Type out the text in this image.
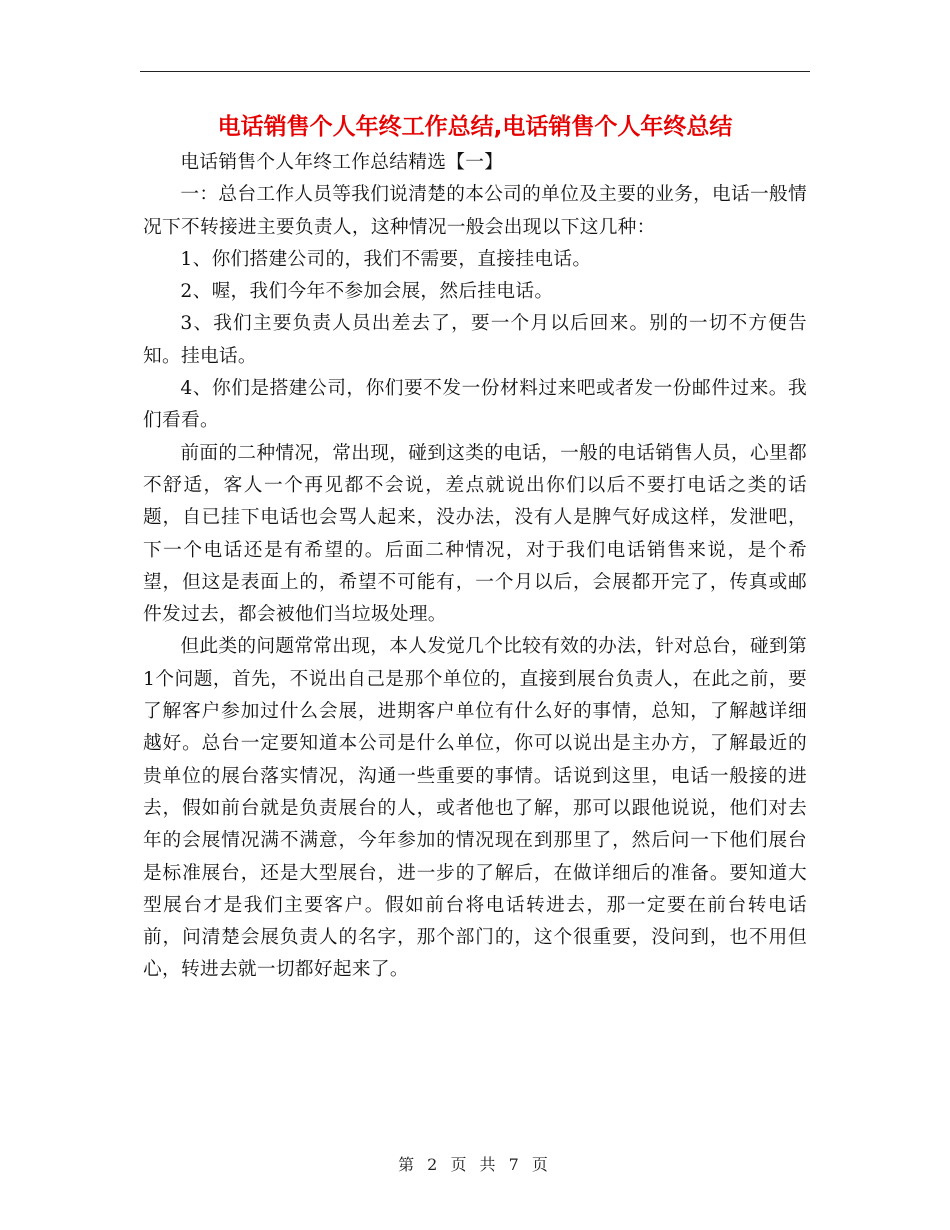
电话销售个人年终工作总结,电话销售个人年终总结

电话销售个人年终工作总结精选【一】

一：总台工作人员等我们说清楚的本公司的单位及主要的业务，电话一般情况下不转接进主要负责人，这种情况一般会出现以下这几种：

1、你们搭建公司的，我们不需要，直接挂电话。

2、喔，我们今年不参加会展，然后挂电话。

3、我们主要负责人员出差去了，要一个月以后回来。别的一切不方便告知。挂电话。

4、你们是搭建公司，你们要不发一份材料过来吧或者发一份邮件过来。我们看看。

前面的二种情况，常出现，碰到这类的电话，一般的电话销售人员，心里都不舒适，客人一个再见都不会说，差点就说出你们以后不要打电话之类的话题，自已挂下电话也会骂人起来，没办法，没有人是脾气好成这样，发泄吧，下一个电话还是有希望的。后面二种情况，对于我们电话销售来说，是个希望，但这是表面上的，希望不可能有，一个月以后，会展都开完了，传真或邮件发过去，都会被他们当垃圾处理。

但此类的问题常常出现，本人发觉几个比较有效的办法，针对总台，碰到第1个问题，首先，不说出自己是那个单位的，直接到展台负责人，在此之前，要了解客户参加过什么会展，进期客户单位有什么好的事情，总知，了解越详细越好。总台一定要知道本公司是什么单位，你可以说出是主办方，了解最近的贵单位的展台落实情况，沟通一些重要的事情。话说到这里，电话一般接的进去，假如前台就是负责展台的人，或者他也了解，那可以跟他说说，他们对去年的会展情况满不满意，今年参加的情况现在到那里了，然后问一下他们展台是标准展台，还是大型展台，进一步的了解后，在做详细后的准备。要知道大型展台才是我们主要客户。假如前台将电话转进去，那一定要在前台转电话前，问清楚会展负责人的名字，那个部门的，这个很重要，没问到，也不用但心，转进去就一切都好起来了。

第 2 页 共 7 页
